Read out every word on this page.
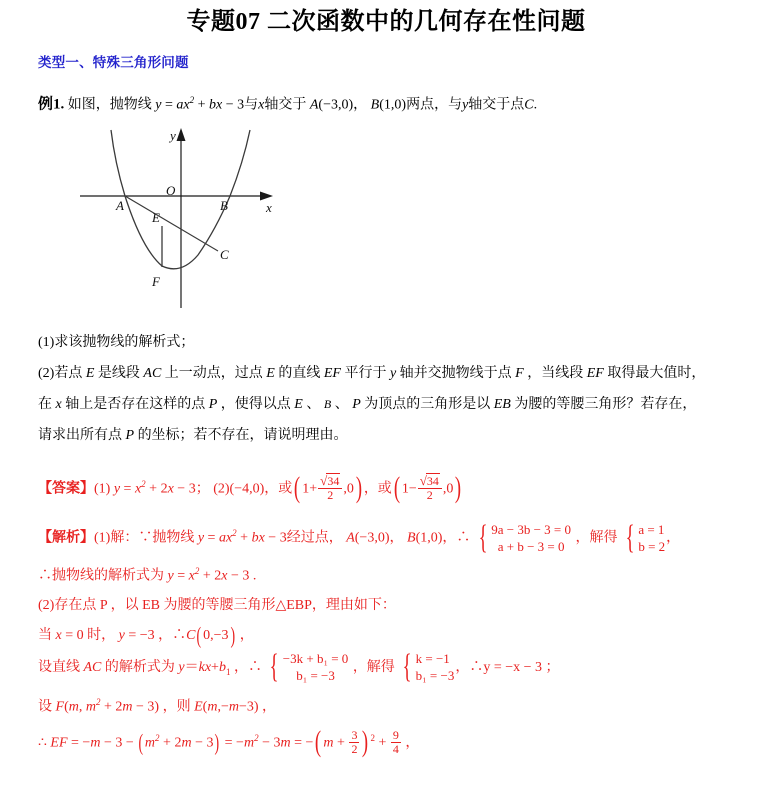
专题07 二次函数中的几何存在性问题
类型一、特殊三角形问题
例1. 如图，抛物线 $y = ax^2$ + bx − 3与x轴交于 A(−3,0)， B(1,0)两点，与y轴交于点C.
A	B
O
x
y
E
F
C
(1)求该抛物线的解析式；
(2)若点 E 是线段 AC 上一动点，过点 E 的直线 EF 平行于 y 轴并交抛物线于点 F ，当线段 EF 取得最大值时，
在 x 轴上是否存在这样的点 P ，使得以点 E 、 B 、 P 为顶点的三角形是以 EB 为腰的等腰三角形？若存在，
请求出所有点 P 的坐标；若不存在，请说明理由。
【答案】(1) $y = x^2 + 2x - 3$； (2)(−4,0)，或( $1+ \frac{√34}{2} ,0$) ，或( $1- \frac{√34}{2} ,0$)
【解析】(1)解：∵抛物线 $y = ax^2$ + bx − 3经过点， A(−3,0)， B(1,0)，∴ { 9a − 3b − 3 = 0
a + b − 3 = 0
，解得 { a = 1
b = 2
，
∴抛物线的解析式为 $y = x^2 + 2x - 3$ .
(2)存在点 P ，以 EB 为腰的等腰三角形△EBP，理由如下：
当 x = 0 时， y = −3 ，∴C( 0,−3) ，
设直线 AC 的解析式为 $y=kx+b_1$ ，∴ { −3k + b₁ = 0
b₁ = −3
，解得 { k = −1
b₁ = −3
，∴y = −x − 3 ；
设 F(m, $m^2 + 2m - 3$) ，则 E(m,−m−3) ，
∴ EF = −m − 3 − ( $m^2 + 2m - 3) = -m^2 - 3m$ = −( $m + \frac{3}{2}$ ) $^2 + \frac{9}{4}$ ，
